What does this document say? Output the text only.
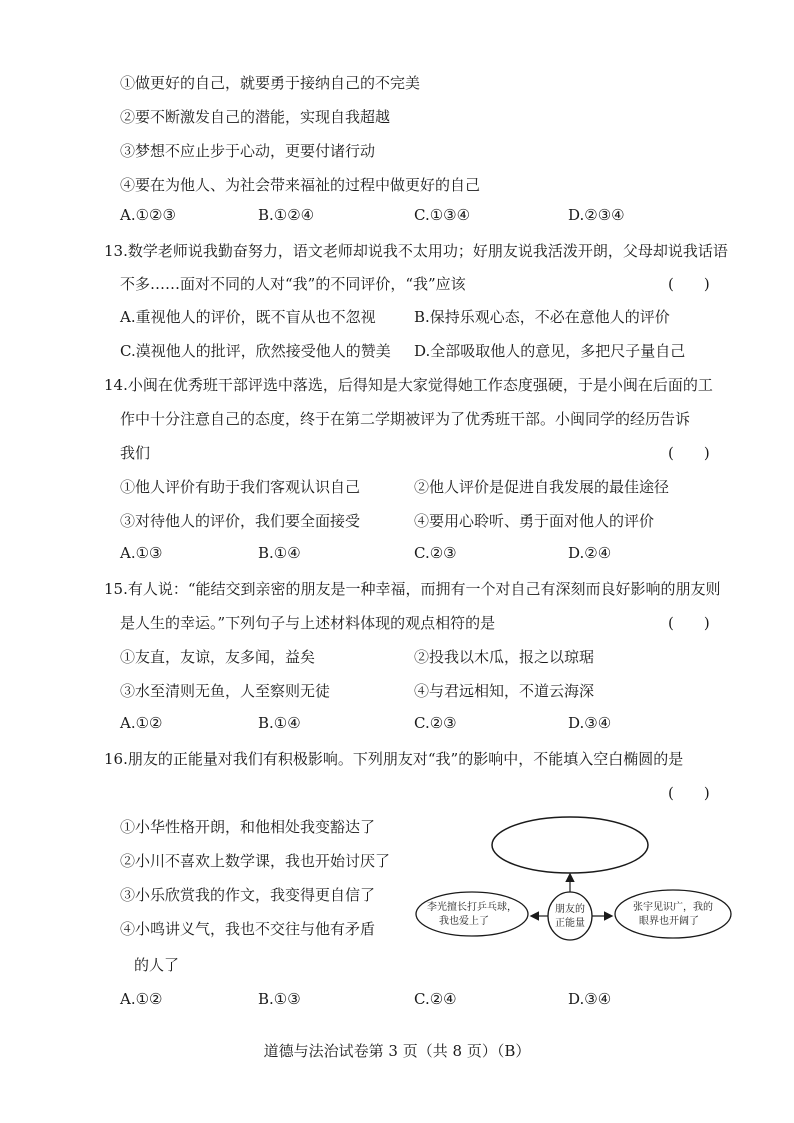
①做更好的自己，就要勇于接纳自己的不完美
②要不断激发自己的潜能，实现自我超越
③梦想不应止步于心动，更要付诸行动
④要在为他人、为社会带来福祉的过程中做更好的自己
A.①②③	B.①②④	C.①③④	D.②③④
13.数学老师说我勤奋努力，语文老师却说我不太用功；好朋友说我活泼开朗，父母却说我话语
不多……面对不同的人对“我”的不同评价，“我”应该	(　　)
A.重视他人的评价，既不盲从也不忽视	B.保持乐观心态，不必在意他人的评价
C.漠视他人的批评，欣然接受他人的赞美 D.全部吸取他人的意见，多把尺子量自己
14.小闽在优秀班干部评选中落选，后得知是大家觉得她工作态度强硬，于是小闽在后面的工
作中十分注意自己的态度，终于在第二学期被评为了优秀班干部。小闽同学的经历告诉
我们	(　　)
①他人评价有助于我们客观认识自己	②他人评价是促进自我发展的最佳途径
③对待他人的评价，我们要全面接受	④要用心聆听、勇于面对他人的评价
A.①③	B.①④	C.②③	D.②④
15.有人说：“能结交到亲密的朋友是一种幸福，而拥有一个对自己有深刻而良好影响的朋友则
是人生的幸运。”下列句子与上述材料体现的观点相符的是	(　　)
①友直，友谅，友多闻，益矣	②投我以木瓜，报之以琼琚
③水至清则无鱼，人至察则无徒	④与君远相知，不道云海深
A.①②	B.①④	C.②③	D.③④
16.朋友的正能量对我们有积极影响。下列朋友对“我”的影响中，不能填入空白椭圆的是
(　　)
①小华性格开朗，和他相处我变豁达了
②小川不喜欢上数学课，我也开始讨厌了
③小乐欣赏我的作文，我变得更自信了
④小鸣讲义气，我也不交往与他有矛盾
的人了
朋友的
正能量
李光擅长打乒乓球，
我也爱上了
张宇见识广，我的
眼界也开阔了
A.①②	B.①③	C.②④	D.③④
道德与法治试卷第 3 页（共 8 页）（B）
